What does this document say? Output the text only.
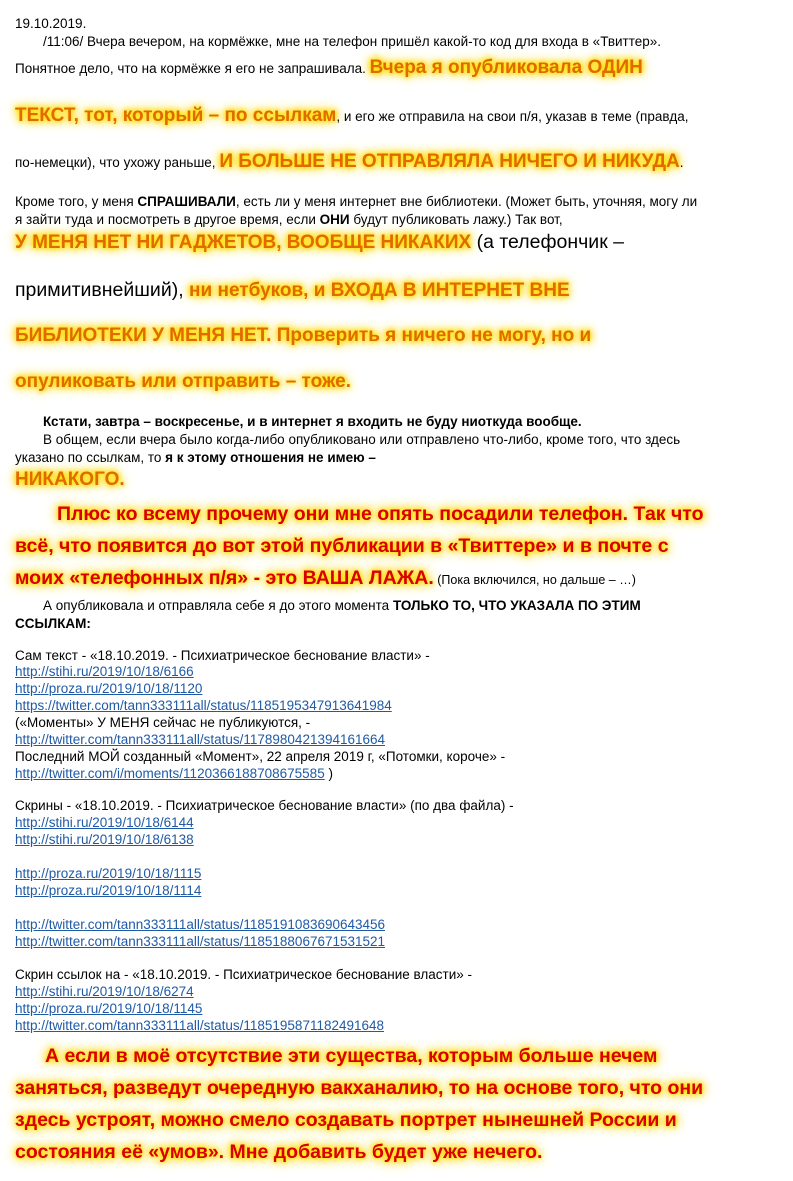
19.10.2019.
/11:06/ Вчера вечером, на кормёжке, мне на телефон пришёл какой-то код для входа в «Твиттер».
Понятное дело, что на кормёжке я его не запрашивала. Вчера я опубликовала ОДИН
ТЕКСТ, тот, который – по ссылкам, и его же отправила на свои п/я, указав в теме (правда,
по-немецки), что ухожу раньше, И БОЛЬШЕ НЕ ОТПРАВЛЯЛА НИЧЕГО И НИКУДА.
Кроме того, у меня СПРАШИВАЛИ, есть ли у меня интернет вне библиотеки. (Может быть, уточняя, могу ли
я зайти туда и посмотреть в другое время, если ОНИ будут публиковать лажу.) Так вот,
У МЕНЯ НЕТ НИ ГАДЖЕТОВ, ВООБЩЕ НИКАКИХ (а телефончик –
примитивнейший), ни нетбуков, и ВХОДА В ИНТЕРНЕТ ВНЕ
БИБЛИОТЕКИ У МЕНЯ НЕТ. Проверить я ничего не могу, но и
опуликовать или отправить – тоже.
Кстати, завтра – воскресенье, и в интернет я входить не буду ниоткуда вообще.
В общем, если вчера было когда-либо опубликовано или отправлено что-либо, кроме того, что здесь
указано по ссылкам, то я к этому отношения не имею –
НИКАКОГО.
Плюс ко всему прочему они мне опять посадили телефон. Так что
всё, что появится до вот этой публикации в «Твиттере» и в почте с
моих «телефонных п/я» - это ВАША ЛАЖА. (Пока включился, но дальше – …)
А опубликовала и отправляла себе я до этого момента ТОЛЬКО ТО, ЧТО УКАЗАЛА ПО ЭТИМ
ССЫЛКАМ:
Сам текст - «18.10.2019. - Психиатрическое беснование власти» -
http://stihi.ru/2019/10/18/6166
http://proza.ru/2019/10/18/1120
https://twitter.com/tann333111all/status/1185195347913641984
(«Моменты» У МЕНЯ сейчас не публикуются, -
http://twitter.com/tann333111all/status/1178980421394161664
Последний МОЙ созданный «Момент», 22 апреля 2019 г, «Потомки, короче» -
http://twitter.com/i/moments/1120366188708675585 )
Скрины - «18.10.2019. - Психиатрическое беснование власти» (по два файла) -
http://stihi.ru/2019/10/18/6144
http://stihi.ru/2019/10/18/6138
http://proza.ru/2019/10/18/1115
http://proza.ru/2019/10/18/1114
http://twitter.com/tann333111all/status/1185191083690643456
http://twitter.com/tann333111all/status/1185188067671531521
Скрин ссылок на - «18.10.2019. - Психиатрическое беснование власти» -
http://stihi.ru/2019/10/18/6274
http://proza.ru/2019/10/18/1145
http://twitter.com/tann333111all/status/1185195871182491648
А если в моё отсутствие эти существа, которым больше нечем
заняться, разведут очередную вакханалию, то на основе того, что они
здесь устроят, можно смело создавать портрет нынешней России и
состояния её «умов». Мне добавить будет уже нечего.
